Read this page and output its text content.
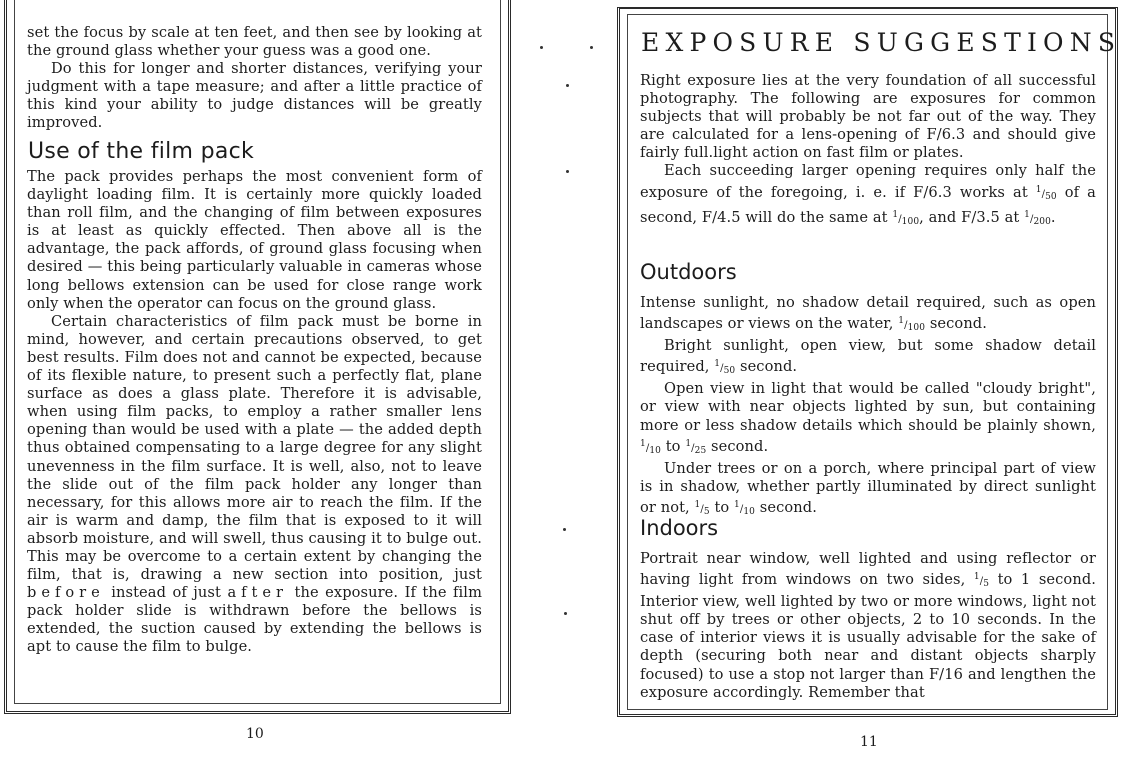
set the focus by scale at ten feet, and then see by looking at the ground glass whether your guess was a good one.

Do this for longer and shorter distances, verifying your judgment with a tape measure; and after a little practice of this kind your ability to judge distances will be greatly improved.

Use of the film pack

The pack provides perhaps the most convenient form of daylight loading film. It is certainly more quickly loaded than roll film, and the changing of film between exposures is at least as quickly effected. Then above all is the advantage, the pack affords, of ground glass focusing when desired — this being particularly valuable in cameras whose long bellows extension can be used for close range work only when the operator can focus on the ground glass.

Certain characteristics of film pack must be borne in mind, however, and certain precautions observed, to get best results. Film does not and cannot be expected, because of its flexible nature, to present such a perfectly flat, plane surface as does a glass plate. Therefore it is advisable, when using film packs, to employ a rather smaller lens opening than would be used with a plate — the added depth thus obtained compensating to a large degree for any slight unevenness in the film surface. It is well, also, not to leave the slide out of the film pack holder any longer than necessary, for this allows more air to reach the film. If the air is warm and damp, the film that is exposed to it will absorb moisture, and will swell, thus causing it to bulge out. This may be overcome to a certain extent by changing the film, that is, drawing a new section into position, just before instead of just after the exposure. If the film pack holder slide is withdrawn before the bellows is extended, the suction caused by extending the bellows is apt to cause the film to bulge.

10
EXPOSURE SUGGESTIONS

Right exposure lies at the very foundation of all successful photography. The following are exposures for common subjects that will probably be not far out of the way. They are calculated for a lens-opening of F/6.3 and should give fairly full.light action on fast film or plates.

Each succeeding larger opening requires only half the exposure of the foregoing, i. e. if F/6.3 works at $^1/_{50}$ of a second, F/4.5 will do the same at $^1/_{100}$, and F/3.5 at $^1/_{200}$.

Outdoors

Intense sunlight, no shadow detail required, such as open landscapes or views on the water, $^1/_{100}$ second.

Bright sunlight, open view, but some shadow detail required, $^1/_{50}$ second.

Open view in light that would be called "cloudy bright", or view with near objects lighted by sun, but containing more or less shadow details which should be plainly shown, $^1/_{10}$ to $^1/_{25}$ second.

Under trees or on a porch, where principal part of view is in shadow, whether partly illuminated by direct sunlight or not, $^1/_5$ to $^1/_{10}$ second.

Indoors

Portrait near window, well lighted and using reflector or having light from windows on two sides, $^1/_5$ to 1 second. Interior view, well lighted by two or more windows, light not shut off by trees or other objects, 2 to 10 seconds. In the case of interior views it is usually advisable for the sake of depth (securing both near and distant objects sharply focused) to use a stop not larger than F/16 and lengthen the exposure accordingly. Remember that

11
